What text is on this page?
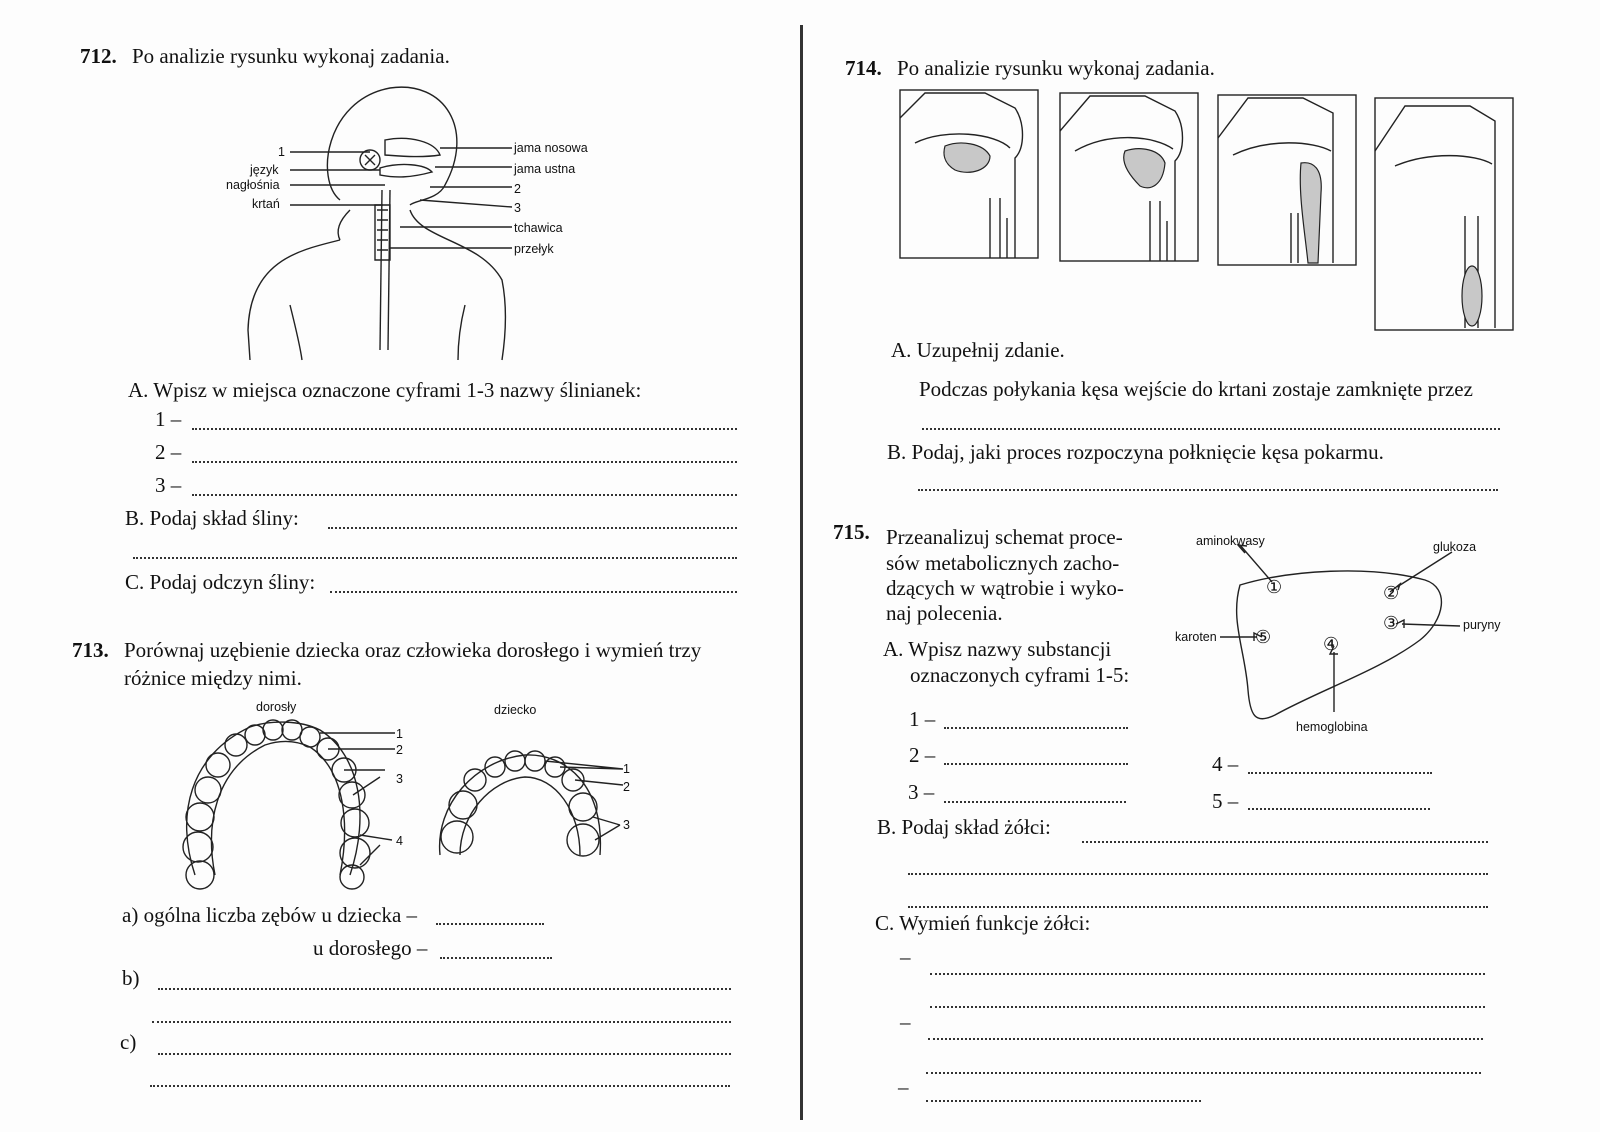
712. Po analizie rysunku wykonaj zadania.
1
język
nagłośnia
krtań
jama nosowa
jama ustna
2
3
tchawica
przełyk
A. Wpisz w miejsca oznaczone cyframi 1-3 nazwy ślinianek:
1 –
2 –
3 –
B. Podaj skład śliny:
C. Podaj odczyn śliny:
713. Porównaj uzębienie dziecka oraz człowieka dorosłego i wymień trzy
różnice między nimi.
dorosły	dziecko
1
2
3
4
1
2
3
a) ogólna liczba zębów u dziecka –
u dorosłego –
b)
c)
714. Po analizie rysunku wykonaj zadania.
A. Uzupełnij zdanie.
Podczas połykania kęsa wejście do krtani zostaje zamknięte przez
B. Podaj, jaki proces rozpoczyna połknięcie kęsa pokarmu.
715. Przeanalizuj schemat proce-
sów metabolicznych zacho-
dzących w wątrobie i wyko-
naj polecenia.
A. Wpisz nazwy substancji
oznaczonych cyframi 1-5:
aminokwasy	glukoza
puryny
karoten
hemoglobina
①	②
③
④
⑤
1 –
2 –
3 –
4 –
5 –
B. Podaj skład żółci:
C. Wymień funkcje żółci:
–
–
–
